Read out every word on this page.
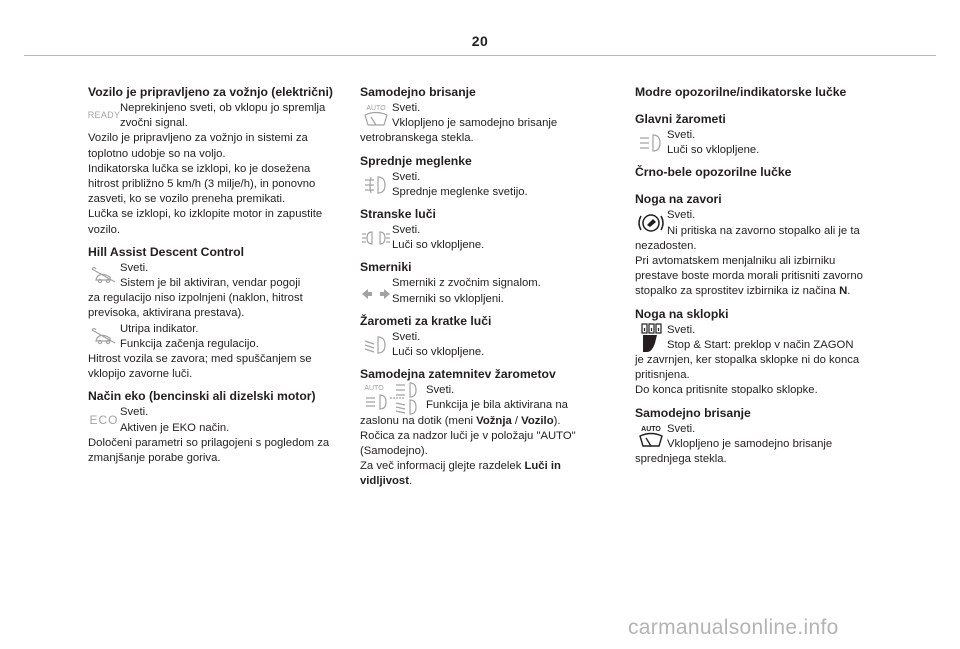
20
Vozilo je pripravljeno za vožnjo (električni)
READY
Neprekinjeno sveti, ob vklopu jo spremlja
zvočni signal.
Vozilo je pripravljeno za vožnjo in sistemi za
toplotno udobje so na voljo.
Indikatorska lučka se izklopi, ko je doseženа
hitrost približno 5 km/h (3 milje/h), in ponovno
zasveti, ko se vozilo preneha premikati.
Lučka se izklopi, ko izklopite motor in zapustite
vozilo.
Hill Assist Descent Control
Sveti.
Sistem je bil aktiviran, vendar pogoji
za regulacijo niso izpolnjeni (naklon, hitrost
previsoka, aktivirana prestava).
Utripa indikator.
Funkcija začenja regulacijo.
Hitrost vozila se zavora; med spuščanjem se
vklopijo zavorne luči.
Način eko (bencinski ali dizelski motor)
ECO
Sveti.
Aktiven je EKO način.
Določeni parametri so prilagojeni s pogledom za
zmanjšanje porabe goriva.
Samodejno brisanje
AUTO Sveti.
Vklopljeno je samodejno brisanje
vetrobranskega stekla.
Sprednje meglenke
Sveti.
Sprednje meglenke svetijo.
Stranske luči
Sveti.
Luči so vklopljene.
Smerniki
Smerniki z zvočnim signalom.
Smerniki so vklopljeni.
Žarometi za kratke luči
Sveti.
Luči so vklopljene.
Samodejna zatemnitev žarometov
AUTO	Sveti.
Funkcija je bila aktivirana na
zaslonu na dotik (meni Vožnja / Vozilo).
Ročica za nadzor luči je v položaju "AUTO"
(Samodejno).
Za več informacij glejte razdelek Luči in
vidljivost.
Modre opozorilne/indikatorske lučke
Glavni žarometi
Sveti.
Luči so vklopljene.
Črno-bele opozorilne lučke
Noga na zavori
Sveti.
Ni pritiska na zavorno stopalko ali je ta
nezadosten.
Pri avtomatskem menjalniku ali izbirniku
prestave boste morda morali pritisniti zavorno
stopalko za sprostitev izbirnika iz načina N.
Noga na sklopki
Sveti.
Stop & Start: preklop v način ZAGON
je zavrnjen, ker stopalka sklopke ni do konca
pritisnjena.
Do konca pritisnite stopalko sklopke.
Samodejno brisanje
AUTO Sveti.
Vklopljeno je samodejno brisanje
sprednjega stekla.
carmanualsonline.info
